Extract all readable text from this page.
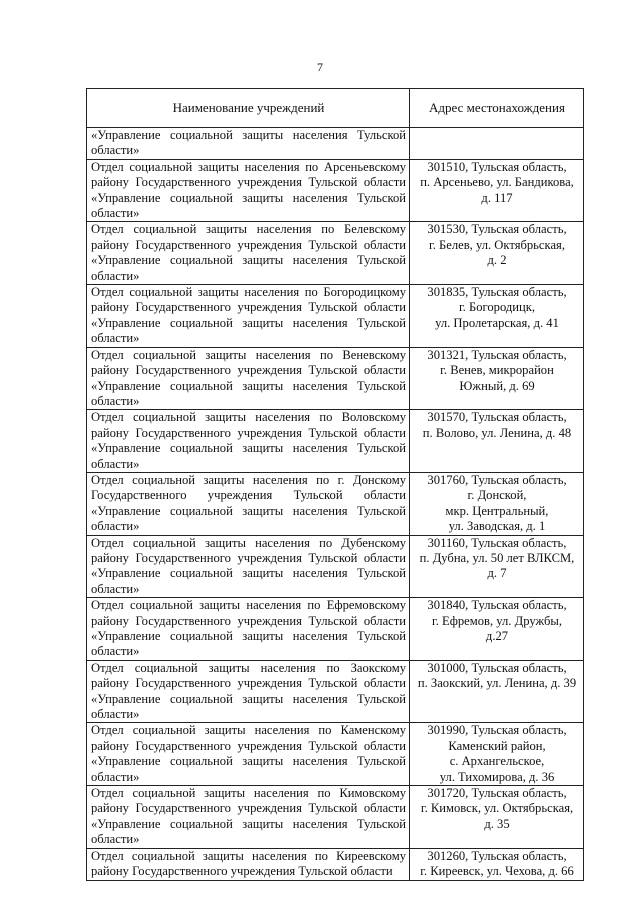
7
Наименование учреждений	Адрес местонахождения

«Управление социальной защиты населения Тульской
области»	

Отдел социальной защиты населения по Арсеньевскому
району Государственного учреждения Тульской области
«Управление социальной защиты населения Тульской
области»	301510, Тульская область,
п. Арсеньево, ул. Бандикова,
д. 117

Отдел социальной защиты населения по Белевскому
району Государственного учреждения Тульской области
«Управление социальной защиты населения Тульской
области»	301530, Тульская область,
г. Белев, ул. Октябрьская,
д. 2

Отдел социальной защиты населения по Богородицкому
району Государственного учреждения Тульской области
«Управление социальной защиты населения Тульской
области»	301835, Тульская область,
г. Богородицк,
ул. Пролетарская, д. 41

Отдел социальной защиты населения по Веневскому
району Государственного учреждения Тульской области
«Управление социальной защиты населения Тульской
области»	301321, Тульская область,
г. Венев, микрорайон
Южный, д. 69

Отдел социальной защиты населения по Воловскому
району Государственного учреждения Тульской области
«Управление социальной защиты населения Тульской
области»	301570, Тульская область,
п. Волово, ул. Ленина, д. 48

Отдел социальной защиты населения по г. Донскому
Государственного учреждения Тульской области
«Управление социальной защиты населения Тульской
области»	301760, Тульская область,
г. Донской,
мкр. Центральный,
ул. Заводская, д. 1

Отдел социальной защиты населения по Дубенскому
району Государственного учреждения Тульской области
«Управление социальной защиты населения Тульской
области»	301160, Тульская область,
п. Дубна, ул. 50 лет ВЛКСМ,
д. 7

Отдел социальной защиты населения по Ефремовскому
району Государственного учреждения Тульской области
«Управление социальной защиты населения Тульской
области»	301840, Тульская область,
г. Ефремов, ул. Дружбы,
д.27

Отдел социальной защиты населения по Заокскому
району Государственного учреждения Тульской области
«Управление социальной защиты населения Тульской
области»	301000, Тульская область,
п. Заокский, ул. Ленина, д. 39

Отдел социальной защиты населения по Каменскому
району Государственного учреждения Тульской области
«Управление социальной защиты населения Тульской
области»	301990, Тульская область,
Каменский район,
с. Архангельское,
ул. Тихомирова, д. 36

Отдел социальной защиты населения по Кимовскому
району Государственного учреждения Тульской области
«Управление социальной защиты населения Тульской
области»	301720, Тульская область,
г. Кимовск, ул. Октябрьская,
д. 35

Отдел социальной защиты населения по Киреевскому
району Государственного учреждения Тульской области	301260, Тульская область,
г. Киреевск, ул. Чехова, д. 66
